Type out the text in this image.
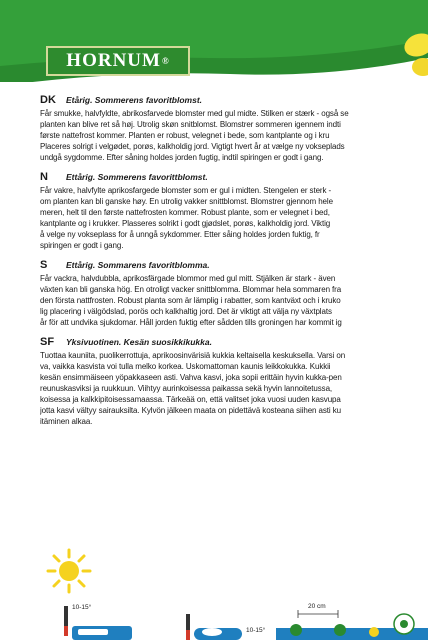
HORNUM ®
DK	Etårig. Sommerens favoritblomst.
Får smukke, halvfyldte, abrikosfarvede blomster med gul midte. Stilken er stærk - også se
planten kan blive ret så høj. Utrolig skøn snitblomst. Blomstrer sommeren igennem indti
første nattefrost kommer. Planten er robust, velegnet i bede, som kantplante og i kru
Placeres solrigt i velgødet, porøs, kalkholdig jord. Vigtigt hvert år at vælge ny vokseplads
undgå sygdomme. Efter såning holdes jorden fugtig, indtil spiringen er godt i gang.
N	Ettårig. Sommerens favorittblomst.
Får vakre, halvfylte aprikosfargede blomster som er gul i midten. Stengelen er sterk -
om planten kan bli ganske høy. En utrolig vakker snittblomst. Blomstrer gjennom hele
meren, helt til den første nattefrosten kommer. Robust plante, som er velegnet i bed,
kantplante og i krukker. Plasseres solrikt i godt gjødslet, porøs, kalkholdig jord. Viktig
å velge ny vokseplass for å unngå sykdommer. Etter såing holdes jorden fuktig, fr
spiringen er godt i gang.
S	Ettårig. Sommarens favoritblomma.
Får vackra, halvdubbla, aprikosfärgade blommor med gul mitt. Stjälken är stark - även
växten kan bli ganska hög. En otroligt vacker snittblomma. Blommar hela sommaren fra
den första nattfrosten. Robust planta som är lämplig i rabatter, som kantväxt och i kruko
lig placering i välgödslad, porös och kalkhaltig jord. Det är viktigt att välja ny växtplats
år för att undvika sjukdomar. Håll jorden fuktig efter sådden tills groningen har kommit ig
SF	Yksivuotinen. Kesän suosikkikukka.
Tuottaa kauniita, puolikerrottuja, aprikoosinvärisiä kukkia keltaisella keskuksella. Varsi on
va, vaikka kasvista voi tulla melko korkea. Uskomattoman kaunis leikkokukka. Kukkii
kesän ensimmäiseen yöpakkaseen asti. Vahva kasvi, joka sopii erittäin hyvin kukka-pen
reunuskasviksi ja ruukkuun. Viihtyy aurinkoisessa paikassa sekä hyvin lannoitetussa,
koisessa ja kalkkipitoisessamaassa. Tärkeää on, että valitset joka vuosi uuden kasvupa
jotta kasvi vältyy sairauksilta. Kylvön jälkeen maata on pidettävä kosteana siihen asti ku
itäminen alkaa.
10-15°
10-15°
20 cm
